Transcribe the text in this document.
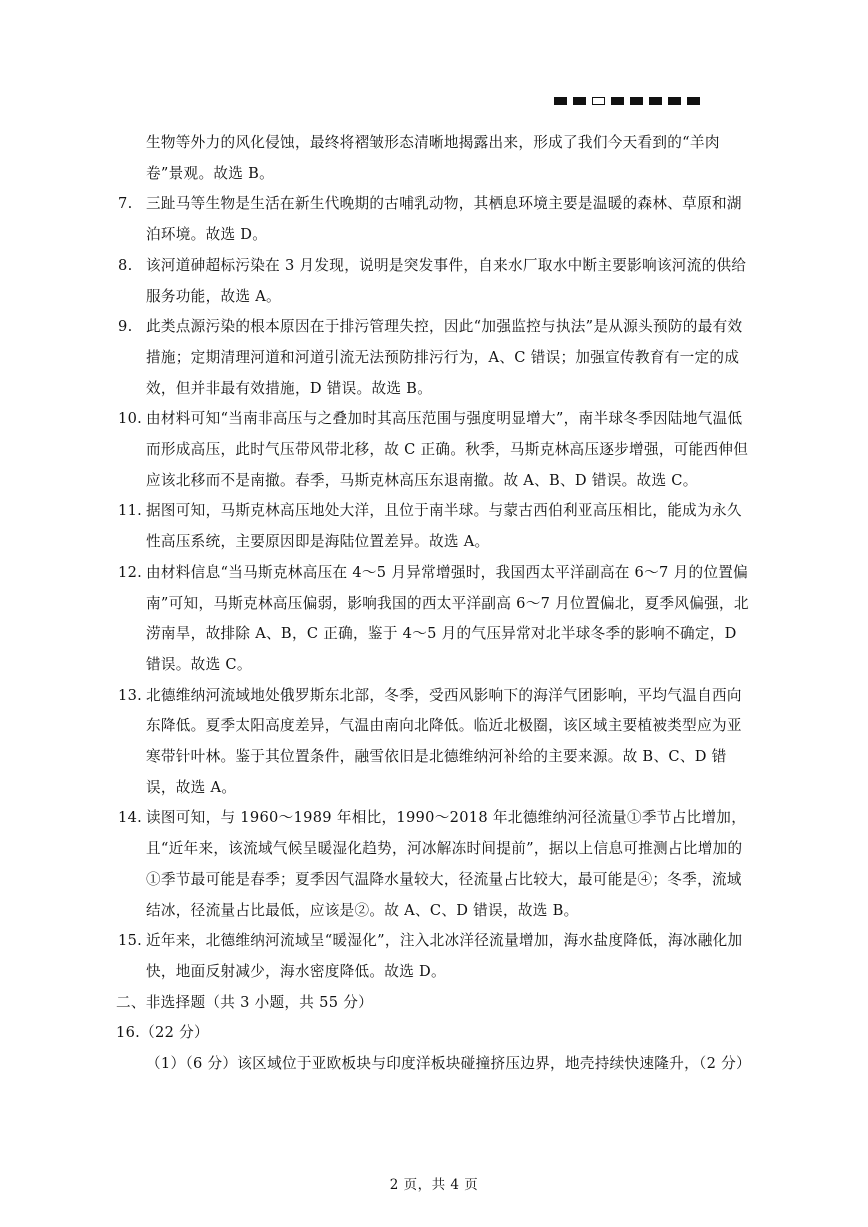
生物等外力的风化侵蚀，最终将褶皱形态清晰地揭露出来，形成了我们今天看到的“羊肉卷”景观。故选 B。

7. 三趾马等生物是生活在新生代晚期的古哺乳动物，其栖息环境主要是温暖的森林、草原和湖泊环境。故选 D。

8. 该河道砷超标污染在 3 月发现，说明是突发事件，自来水厂取水中断主要影响该河流的供给服务功能，故选 A。

9. 此类点源污染的根本原因在于排污管理失控，因此“加强监控与执法”是从源头预防的最有效措施；定期清理河道和河道引流无法预防排污行为，A、C 错误；加强宣传教育有一定的成效，但并非最有效措施，D 错误。故选 B。

10. 由材料可知“当南非高压与之叠加时其高压范围与强度明显增大”，南半球冬季因陆地气温低而形成高压，此时气压带风带北移，故 C 正确。秋季，马斯克林高压逐步增强，可能西伸但应该北移而不是南撤。春季，马斯克林高压东退南撤。故 A、B、D 错误。故选 C。

11. 据图可知，马斯克林高压地处大洋，且位于南半球。与蒙古西伯利亚高压相比，能成为永久性高压系统，主要原因即是海陆位置差异。故选 A。

12. 由材料信息“当马斯克林高压在 4～5 月异常增强时，我国西太平洋副高在 6～7 月的位置偏南”可知，马斯克林高压偏弱，影响我国的西太平洋副高 6～7 月位置偏北，夏季风偏强，北涝南旱，故排除 A、B，C 正确，鉴于 4～5 月的气压异常对北半球冬季的影响不确定，D 错误。故选 C。

13. 北德维纳河流域地处俄罗斯东北部，冬季，受西风影响下的海洋气团影响，平均气温自西向东降低。夏季太阳高度差异，气温由南向北降低。临近北极圈，该区域主要植被类型应为亚寒带针叶林。鉴于其位置条件，融雪依旧是北德维纳河补给的主要来源。故 B、C、D 错误，故选 A。

14. 读图可知，与 1960～1989 年相比，1990～2018 年北德维纳河径流量①季节占比增加，且“近年来，该流域气候呈暖湿化趋势，河冰解冻时间提前”，据以上信息可推测占比增加的①季节最可能是春季；夏季因气温降水量较大，径流量占比较大，最可能是④；冬季，流域结冰，径流量占比最低，应该是②。故 A、C、D 错误，故选 B。

15. 近年来，北德维纳河流域呈“暖湿化”，注入北冰洋径流量增加，海水盐度降低，海冰融化加快，地面反射减少，海水密度降低。故选 D。

二、非选择题（共 3 小题，共 55 分）

16.（22 分）

（1）（6 分）该区域位于亚欧板块与印度洋板块碰撞挤压边界，地壳持续快速隆升，（2 分）

2 页，共 4 页
